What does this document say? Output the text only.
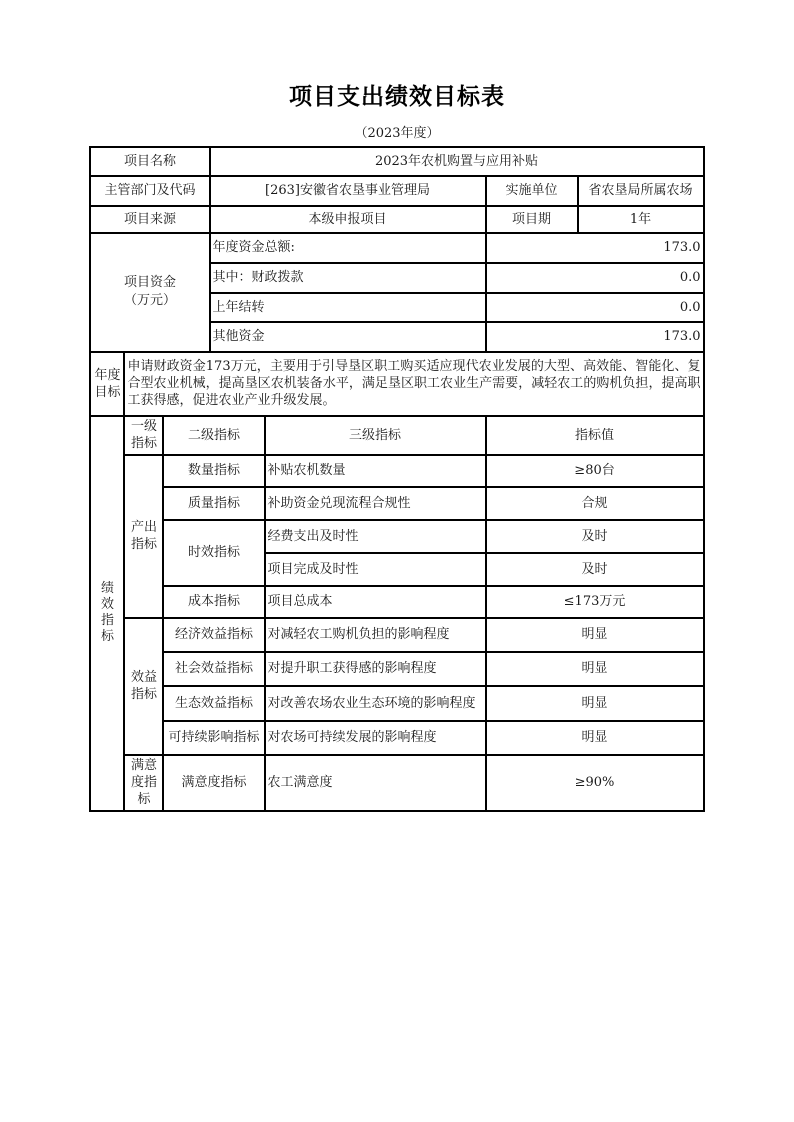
项目支出绩效目标表
（2023年度）
项目名称			2023年农机购置与应用补贴			
主管部门及代码			[263]安徽省农垦事业管理局		实施单位	省农垦局所属农场
项目来源			本级申报项目		项目期	1年

项目资金（万元）			年度资金总额:		173.0	
			其中：财政拨款		0.0	
			上年结转		0.0	
			其他资金		173.0	

年度目标	申请财政资金173万元，主要用于引导垦区职工购买适应现代农业发展的大型、高效能、智能化、复合型农业机械，提高垦区农机装备水平，满足垦区职工农业生产需要，减轻农工的购机负担，提高职工获得感，促进农业产业升级发展。					

绩效指标	一级指标	二级指标		三级指标	指标值	

	产出指标	数量指标		补贴农机数量	≥80台	
		质量指标		补助资金兑现流程合规性	合规	
		时效指标		经费支出及时性	及时	
				项目完成及时性	及时	
		成本指标		项目总成本	≤173万元	

	效益指标	经济效益指标		对减轻农工购机负担的影响程度	明显	
		社会效益指标		对提升职工获得感的影响程度	明显	
		生态效益指标		对改善农场农业生态环境的影响程度	明显	
		可持续影响指标		对农场可持续发展的影响程度	明显	

	满意度指标	满意度指标		农工满意度	≥90%	
